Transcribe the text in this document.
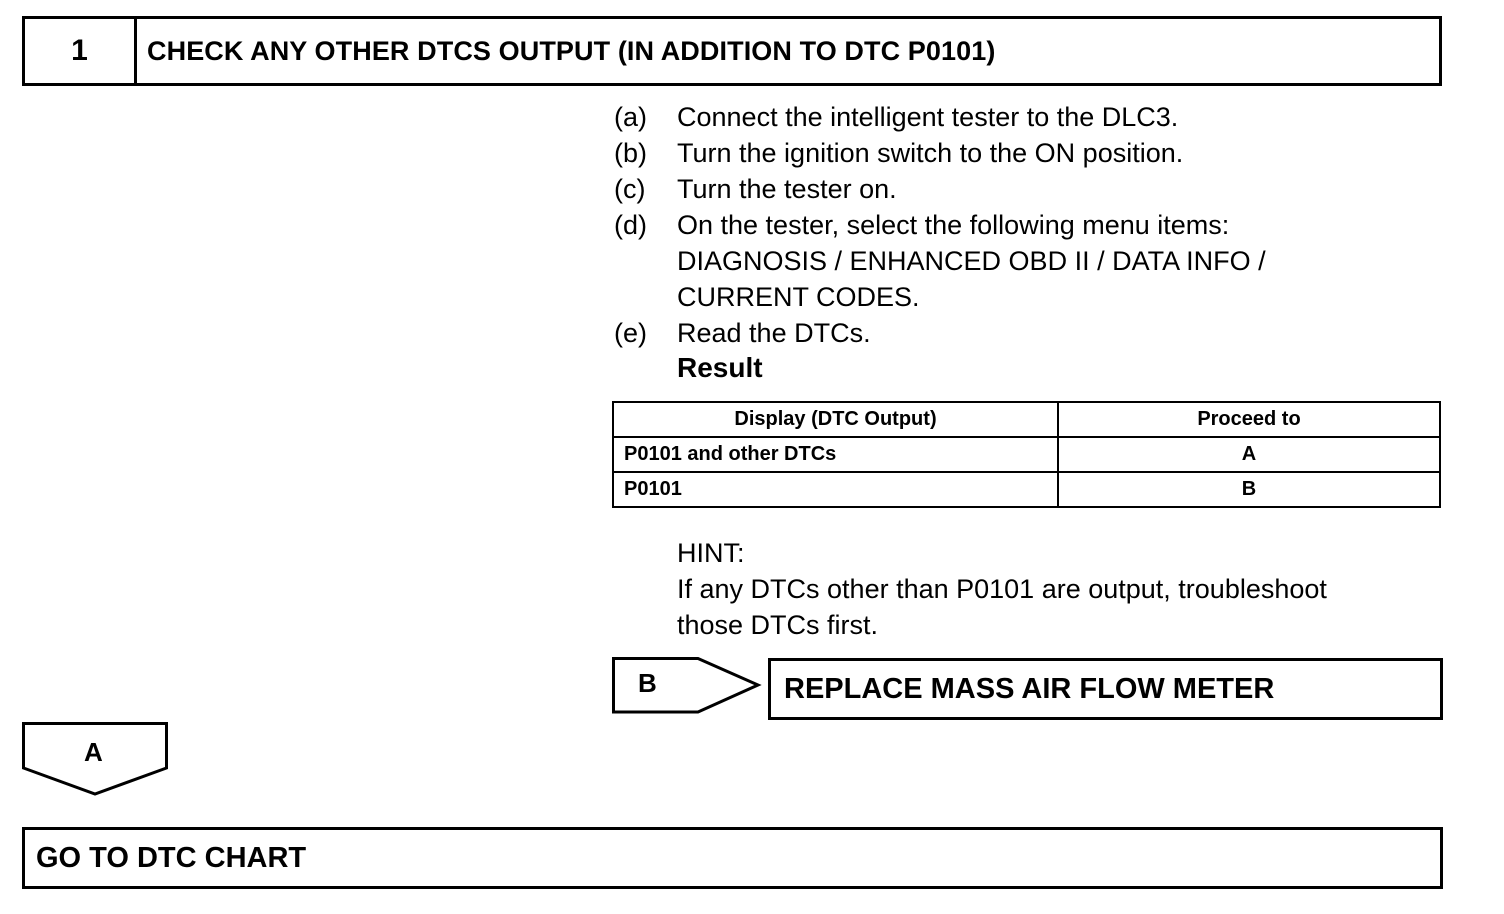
1	CHECK ANY OTHER DTCS OUTPUT (IN ADDITION TO DTC P0101)
(a)	Connect the intelligent tester to the DLC3.
(b)	Turn the ignition switch to the ON position.
(c)	Turn the tester on.
(d)	On the tester, select the following menu items:
DIAGNOSIS / ENHANCED OBD II / DATA INFO /
CURRENT CODES.
(e)	Read the DTCs.
Result
Display (DTC Output)	Proceed to
P0101 and other DTCs	A
P0101	B
HINT:
If any DTCs other than P0101 are output, troubleshoot
those DTCs first.
B	REPLACE MASS AIR FLOW METER
A
GO TO DTC CHART
